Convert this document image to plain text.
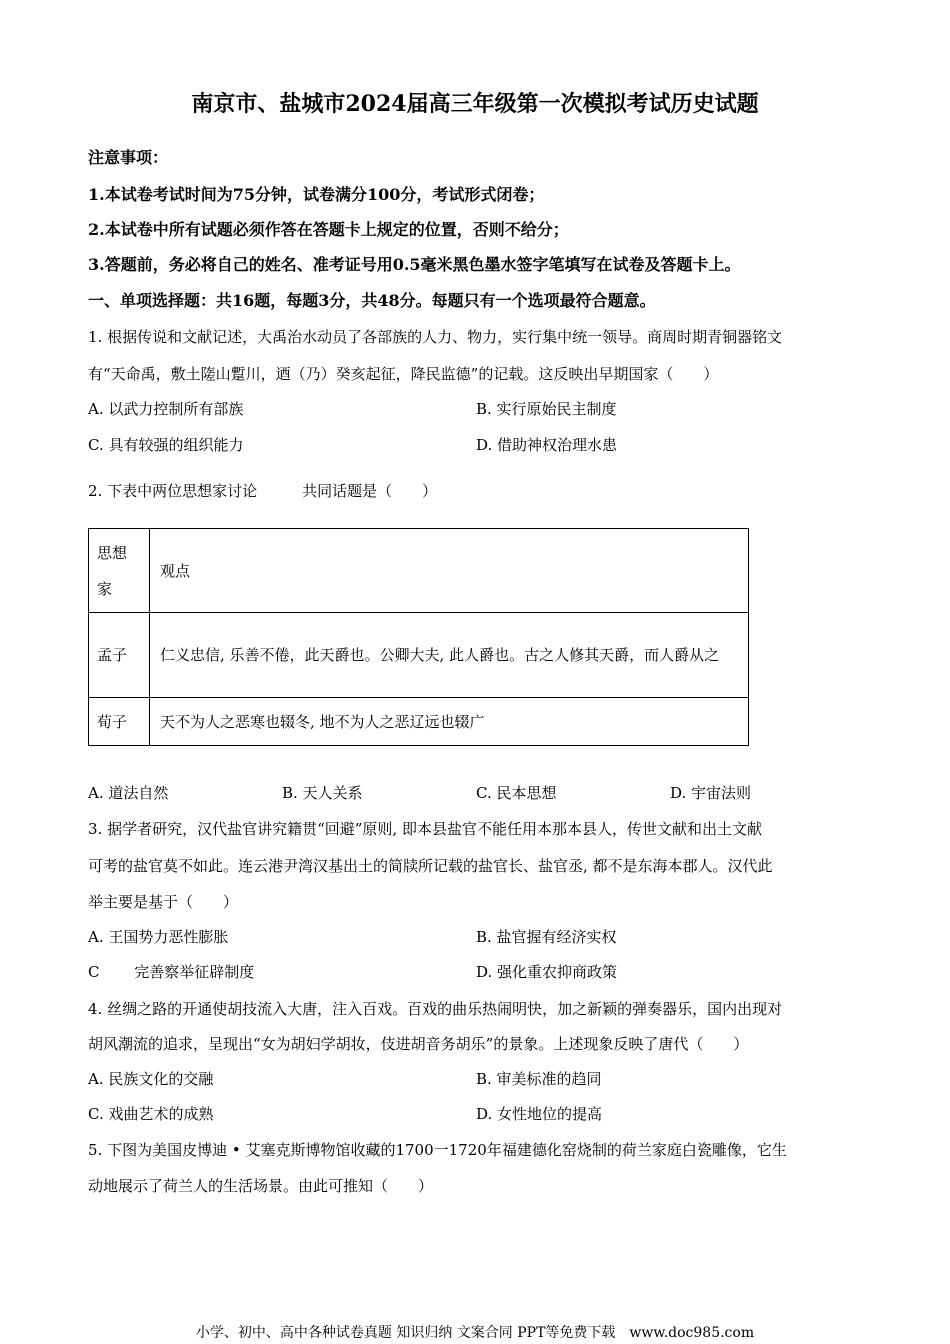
南京市、盐城市2024届高三年级第一次模拟考试历史试题
注意事项：
1.本试卷考试时间为75分钟，试卷满分100分，考试形式闭卷；
2.本试卷中所有试题必须作答在答题卡上规定的位置，否则不给分；
3.答题前，务必将自己的姓名、准考证号用0.5毫米黑色墨水签字笔填写在试卷及答题卡上。
一、单项选择题：共16题，每题3分，共48分。每题只有一个选项最符合题意。
1. 根据传说和文献记述，大禹治水动员了各部族的人力、物力，实行集中统一领导。商周时期青铜器铭文
有“天命禹，敷土隓山蹔川，迺（乃）癸亥起征，降民监德”的记载。这反映出早期国家（　　）
A. 以武力控制所有部族	B. 实行原始民主制度
C. 具有较强的组织能力	D. 借助神权治理水患
2. 下表中两位思想家讨论　　　共同话题是（　　）
思想家	观点
孟子	仁义忠信, 乐善不倦，此天爵也。公卿大夫, 此人爵也。古之人修其天爵，而人爵从之
荀子	天不为人之恶寒也辍冬, 地不为人之恶辽远也辍广
A. 道法自然	B. 天人关系	C. 民本思想	D. 宇宙法则
3. 据学者研究，汉代盐官讲究籍贯“回避”原则, 即本县盐官不能任用本那本县人，传世文献和出土文献
可考的盐官莫不如此。连云港尹湾汉基出土的简牍所记载的盐官长、盐官丞, 都不是东海本郡人。汉代此
举主要是基于（　　）
A. 王国势力恶性膨胀	B. 盐官握有经济实权
C　　 完善察举征辟制度	D. 强化重农抑商政策
4. 丝绸之路的开通使胡技流入大唐，注入百戏。百戏的曲乐热闹明快，加之新颖的弹奏器乐，国内出现对
胡风潮流的追求，呈现出“女为胡妇学胡妆，伎进胡音务胡乐”的景象。上述现象反映了唐代（　　）
A. 民族文化的交融	B. 审美标准的趋同
C. 戏曲艺术的成熟	D. 女性地位的提高
5. 下图为美国皮博迪 • 艾塞克斯博物馆收藏的1700一1720年福建德化窑烧制的荷兰家庭白瓷雕像，它生
动地展示了荷兰人的生活场景。由此可推知（　　）
小学、初中、高中各种试卷真题 知识归纳 文案合同 PPT等免费下载　www.doc985.com
